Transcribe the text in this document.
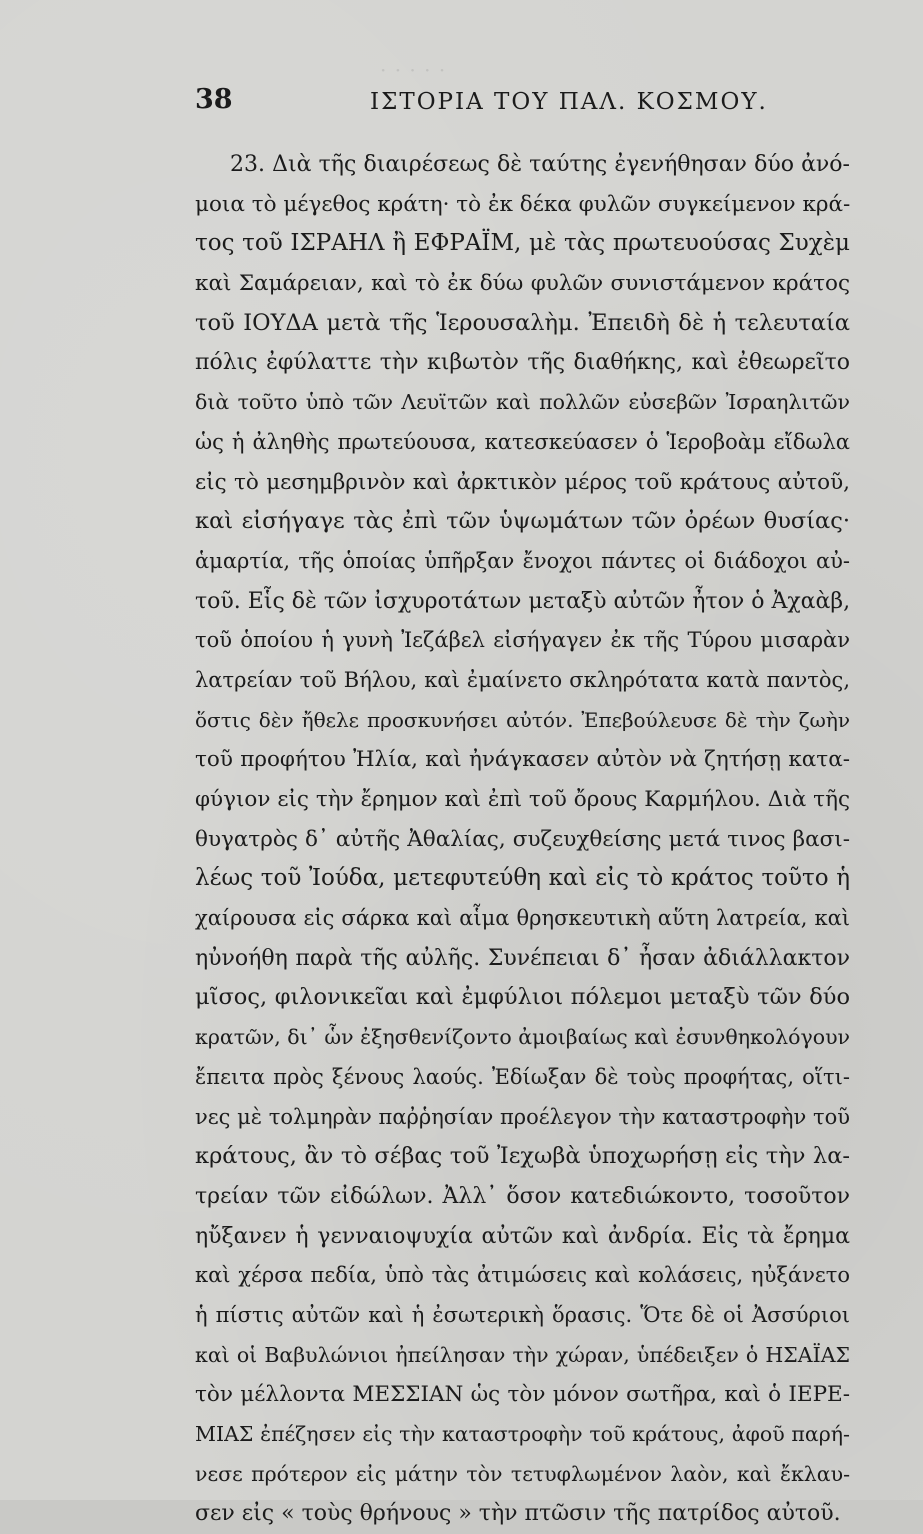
· · · · ·
38	ΙΣΤΟΡΙΑ ΤΟΥ ΠΑΛ. ΚΟΣΜΟΥ.
23. Διὰ τῆς διαιρέσεως δὲ ταύτης ἐγενήθησαν δύο ἀνό-
μοια τὸ μέγεθος κράτη· τὸ ἐκ δέκα φυλῶν συγκείμενον κρά-
τος τοῦ ΙΣΡΑΗΛ ἢ ΕΦΡΑΪΜ, μὲ τὰς πρωτευούσας Συχὲμ
καὶ Σαμάρειαν, καὶ τὸ ἐκ δύω φυλῶν συνιστάμενον κράτος
τοῦ ΙΟΥΔΑ μετὰ τῆς Ἱερουσαλὴμ. Ἐπειδὴ δὲ ἡ τελευταία
πόλις ἐφύλαττε τὴν κιβωτὸν τῆς διαθήκης, καὶ ἐθεωρεῖτο
διὰ τοῦτο ὑπὸ τῶν Λευϊτῶν καὶ πολλῶν εὐσεβῶν Ἰσραηλιτῶν
ὡς ἡ ἀληθὴς πρωτεύουσα, κατεσκεύασεν ὁ Ἱεροβοὰμ εἴδωλα
εἰς τὸ μεσημβρινὸν καὶ ἀρκτικὸν μέρος τοῦ κράτους αὐτοῦ,
καὶ εἰσήγαγε τὰς ἐπὶ τῶν ὑψωμάτων τῶν ὀρέων θυσίας·
ἁμαρτία, τῆς ὁποίας ὑπῆρξαν ἔνοχοι πάντες οἱ διάδοχοι αὐ-
τοῦ. Εἷς δὲ τῶν ἰσχυροτάτων μεταξὺ αὐτῶν ἦτον ὁ Ἀχαὰβ,
τοῦ ὁποίου ἡ γυνὴ Ἰεζάβελ εἰσήγαγεν ἐκ τῆς Τύρου μισαρὰν
λατρείαν τοῦ Βήλου, καὶ ἐμαίνετο σκληρότατα κατὰ παντὸς,
ὅστις δὲν ἤθελε προσκυνήσει αὐτόν. Ἐπεβούλευσε δὲ τὴν ζωὴν
τοῦ προφήτου Ἠλία, καὶ ἠνάγκασεν αὐτὸν νὰ ζητήσῃ κατα-
φύγιον εἰς τὴν ἔρημον καὶ ἐπὶ τοῦ ὄρους Καρμήλου. Διὰ τῆς
θυγατρὸς δ᾽ αὐτῆς Ἀθαλίας, συζευχθείσης μετά τινος βασι-
λέως τοῦ Ἰούδα, μετεφυτεύθη καὶ εἰς τὸ κράτος τοῦτο ἡ
χαίρουσα εἰς σάρκα καὶ αἷμα θρησκευτικὴ αὕτη λατρεία, καὶ
ηὐνοήθη παρὰ τῆς αὐλῆς. Συνέπειαι δ᾽ ἦσαν ἀδιάλλακτον
μῖσος, φιλονικεῖαι καὶ ἐμφύλιοι πόλεμοι μεταξὺ τῶν δύο
κρατῶν, δι᾽ ὧν ἐξησθενίζοντο ἀμοιβαίως καὶ ἐσυνθηκολόγουν
ἔπειτα πρὸς ξένους λαούς. Ἐδίωξαν δὲ τοὺς προφήτας, οἵτι-
νες μὲ τολμηρὰν παῤῥησίαν προέλεγον τὴν καταστροφὴν τοῦ
κράτους, ἂν τὸ σέβας τοῦ Ἰεχωβὰ ὑποχωρήσῃ εἰς τὴν λα-
τρείαν τῶν εἰδώλων. Ἀλλ᾽ ὅσον κατεδιώκοντο, τοσοῦτον
ηὔξανεν ἡ γενναιοψυχία αὐτῶν καὶ ἀνδρία. Εἰς τὰ ἔρημα
καὶ χέρσα πεδία, ὑπὸ τὰς ἀτιμώσεις καὶ κολάσεις, ηὐξάνετο
ἡ πίστις αὐτῶν καὶ ἡ ἐσωτερικὴ ὅρασις. Ὅτε δὲ οἱ Ἀσσύριοι
καὶ οἱ Βαβυλώνιοι ἠπείλησαν τὴν χώραν, ὑπέδειξεν ὁ ΗΣΑΪΑΣ
τὸν μέλλοντα ΜΕΣΣΙΑΝ ὡς τὸν μόνον σωτῆρα, καὶ ὁ ΙΕΡΕ-
ΜΙΑΣ ἐπέζησεν εἰς τὴν καταστροφὴν τοῦ κράτους, ἀφοῦ παρή-
νεσε πρότερον εἰς μάτην τὸν τετυφλωμένον λαὸν, καὶ ἔκλαυ-
σεν εἰς « τοὺς θρήνους » τὴν πτῶσιν τῆς πατρίδος αὐτοῦ.
